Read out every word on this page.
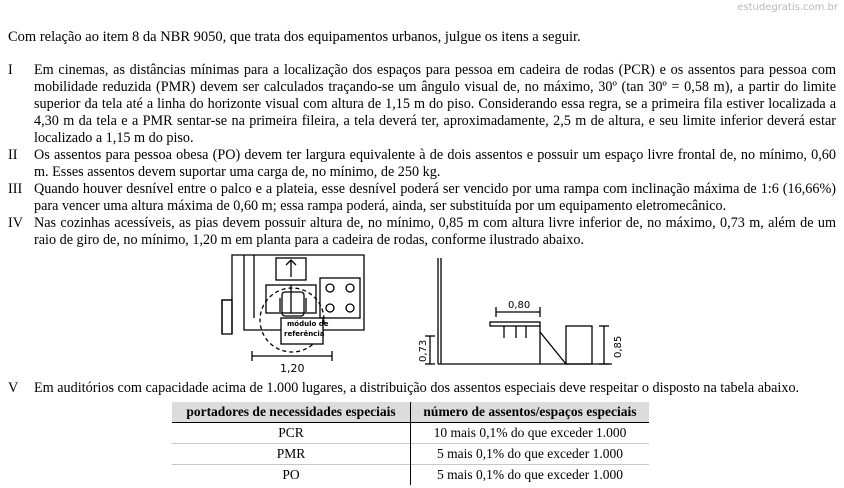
estudegratis.com.br
Com relação ao item 8 da NBR 9050, que trata dos equipamentos urbanos, julgue os itens a seguir.
I	Em cinemas, as distâncias mínimas para a localização dos espaços para pessoa em cadeira de rodas (PCR) e os assentos para pessoa com mobilidade reduzida (PMR) devem ser calculados traçando-se um ângulo visual de, no máximo, 30º (tan 30º = 0,58 m), a partir do limite superior da tela até a linha do horizonte visual com altura de 1,15 m do piso. Considerando essa regra, se a primeira fila estiver localizada a 4,30 m da tela e a PMR sentar-se na primeira fileira, a tela deverá ter, aproximadamente, 2,5 m de altura, e seu limite inferior deverá estar localizado a 1,15 m do piso.
II	Os assentos para pessoa obesa (PO) devem ter largura equivalente à de dois assentos e possuir um espaço livre frontal de, no mínimo, 0,60 m. Esses assentos devem suportar uma carga de, no mínimo, de 250 kg.
III Quando houver desnível entre o palco e a plateia, esse desnível poderá ser vencido por uma rampa com inclinação máxima de 1:6 (16,66%) para vencer uma altura máxima de 0,60 m; essa rampa poderá, ainda, ser substituída por um equipamento eletromecânico.
IV Nas cozinhas acessíveis, as pias devem possuir altura de, no mínimo, 0,85 m com altura livre inferior de, no máximo, 0,73 m, além de um raio de giro de, no mínimo, 1,20 m em planta para a cadeira de rodas, conforme ilustrado abaixo.
módulo de
referência
1,20
0,80
0,73	0,85
V	Em auditórios com capacidade acima de 1.000 lugares, a distribuição dos assentos especiais deve respeitar o disposto na tabela abaixo.
portadores de necessidades especiais	número de assentos/espaços especiais
PCR	10 mais 0,1% do que exceder 1.000
PMR	5 mais 0,1% do que exceder 1.000
PO	5 mais 0,1% do que exceder 1.000
